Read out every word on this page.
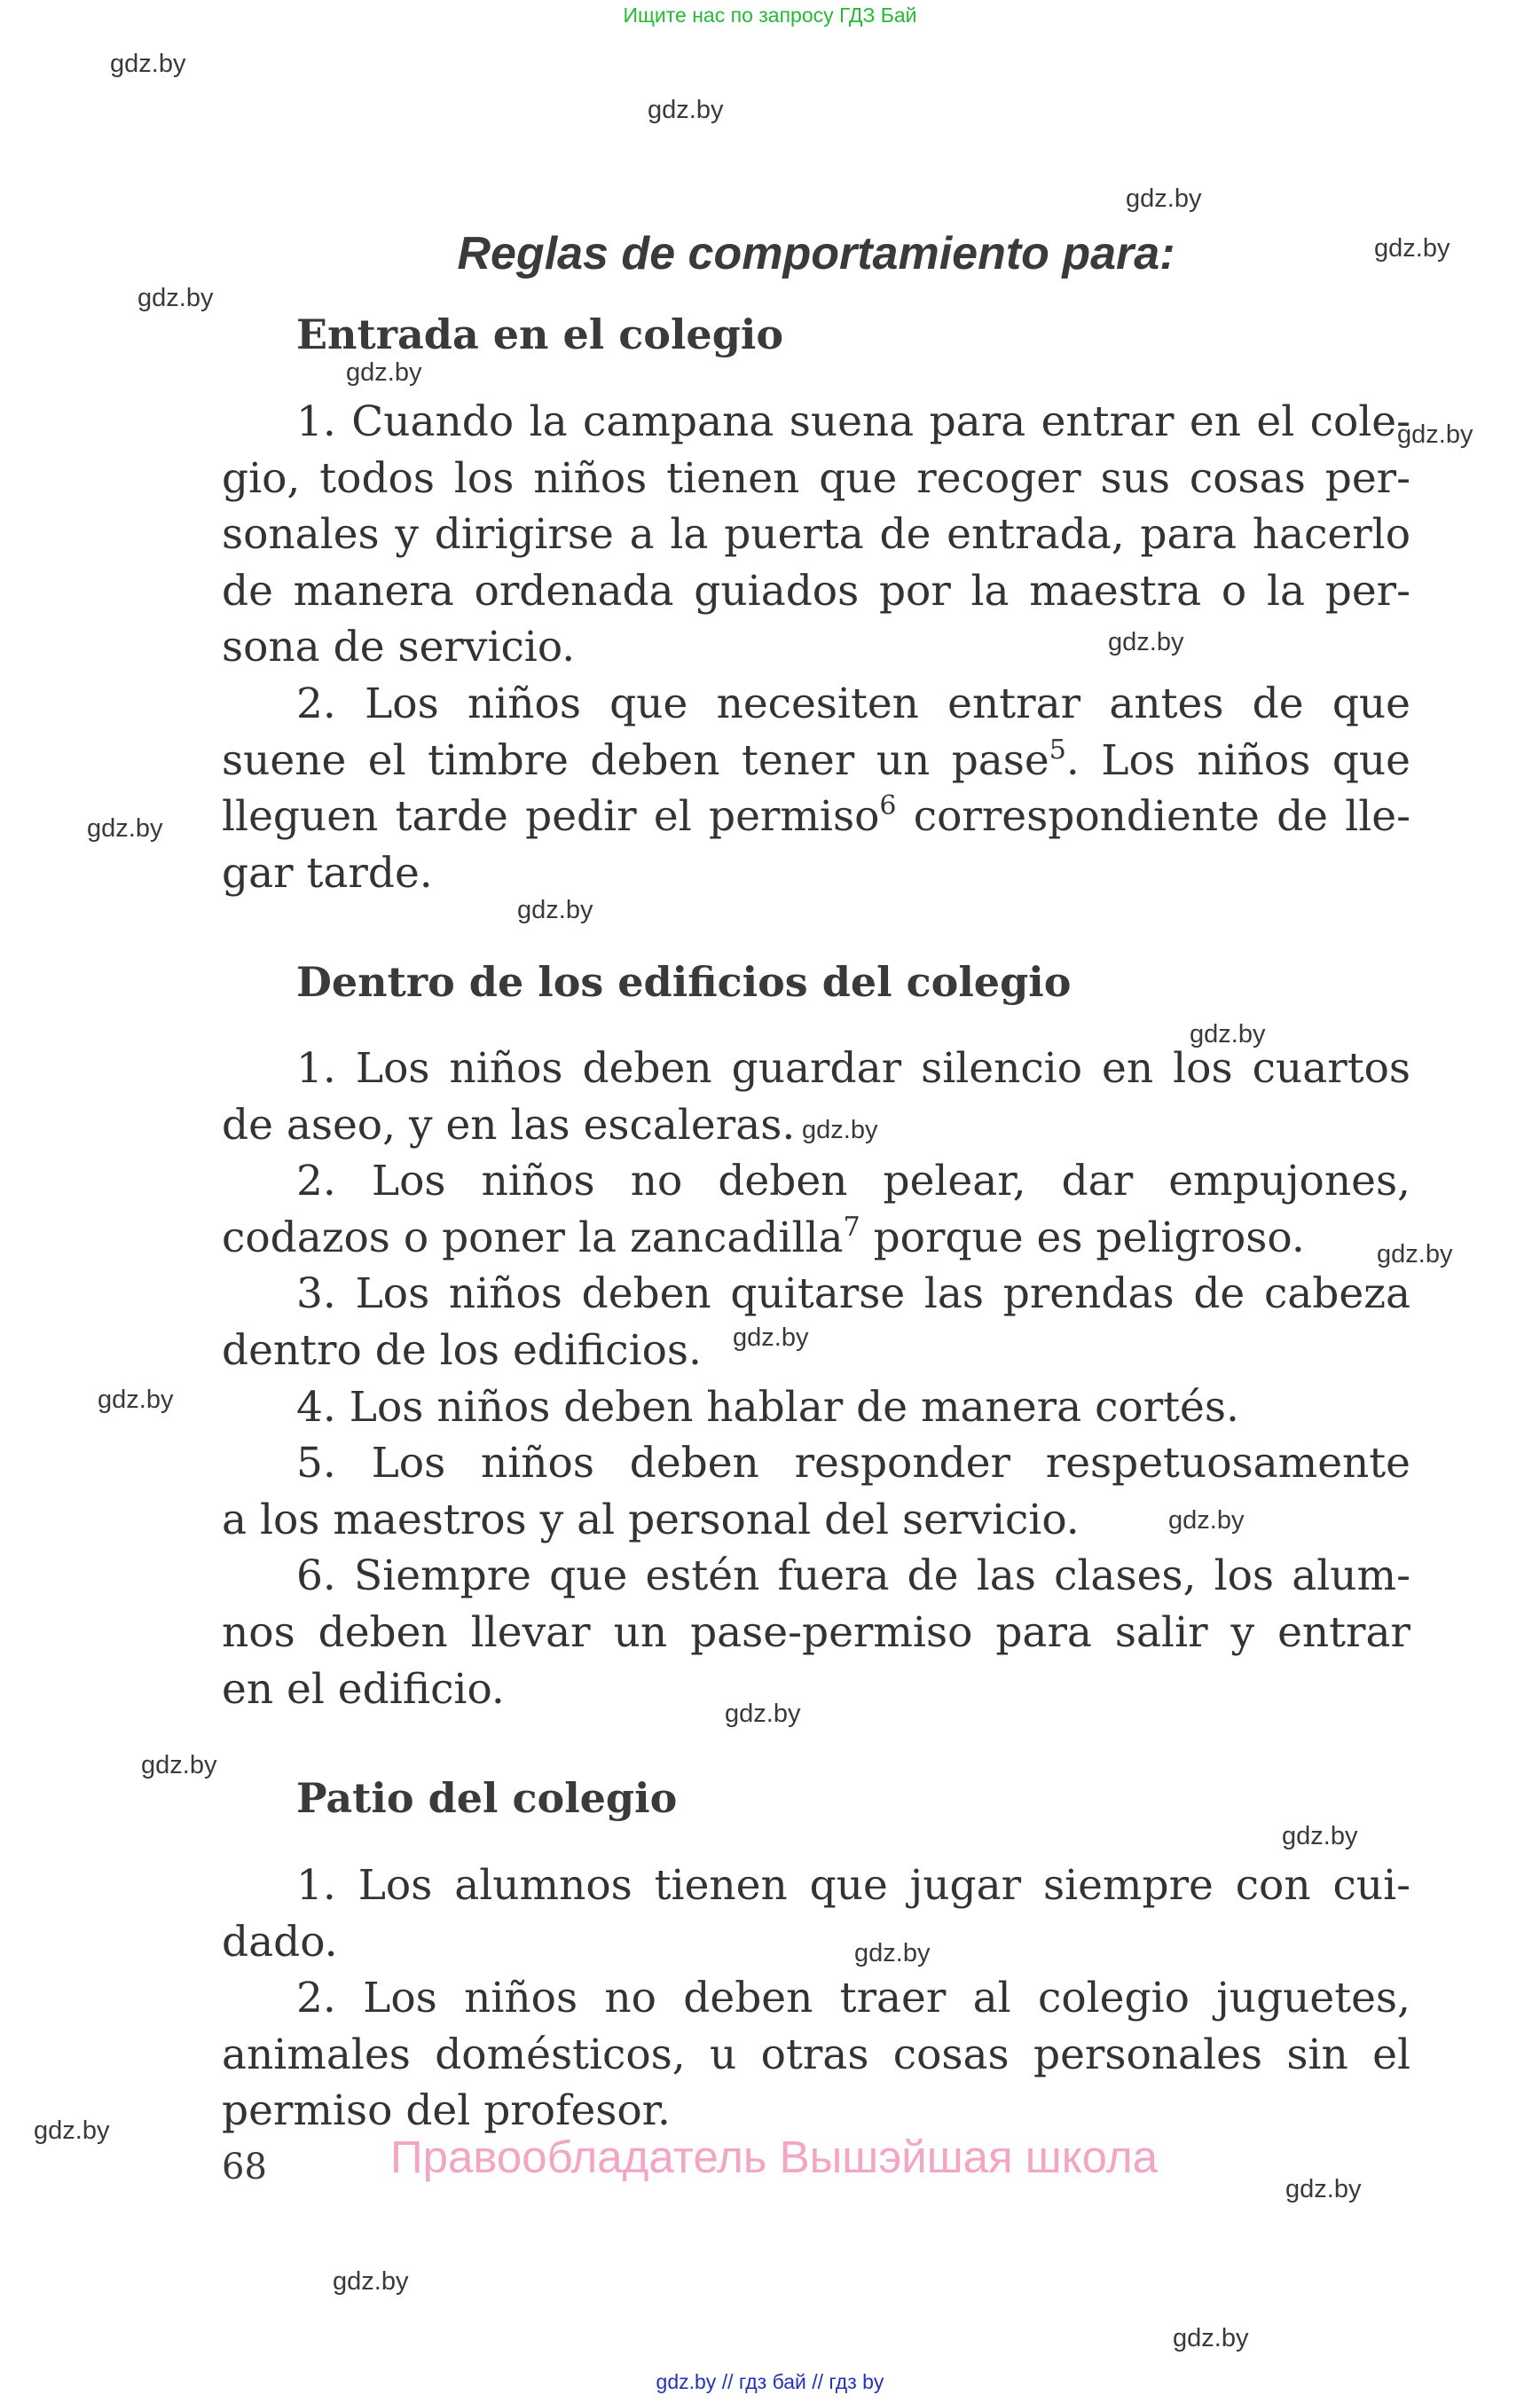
Ищите нас по запросу ГДЗ Бай
gdz.by
gdz.by
gdz.by
gdz.by
gdz.by
gdz.by
gdz.by
gdz.by
gdz.by
gdz.by
gdz.by
gdz.by
gdz.by
gdz.by
gdz.by
gdz.by
gdz.by
gdz.by
gdz.by
gdz.by
gdz.by
gdz.by
gdz.by
gdz.by
Reglas de comportamiento para:
Entrada en el colegio
1. Cuando la campana suena para entrar en el cole-
gio, todos los niños tienen que recoger sus cosas per-
sonales y dirigirse a la puerta de entrada, para hacerlo
de manera ordenada guiados por la maestra o la per-
sona de servicio.
2. Los niños que necesiten entrar antes de que
suene el timbre deben tener un pase$^5$. Los niños que
lleguen tarde pedir el permiso$^6$ correspondiente de lle-
gar tarde.
Dentro de los edificios del colegio
1. Los niños deben guardar silencio en los cuartos
de aseo, y en las escaleras.
2. Los niños no deben pelear, dar empujones,
codazos o poner la zancadilla$^7$ porque es peligroso.
3. Los niños deben quitarse las prendas de cabeza
dentro de los edificios.
4. Los niños deben hablar de manera cortés.
5. Los niños deben responder respetuosamente
a los maestros y al personal del servicio.
6. Siempre que estén fuera de las clases, los alum-
nos deben llevar un pase-permiso para salir y entrar
en el edificio.
Patio del colegio
1. Los alumnos tienen que jugar siempre con cui-
dado.
2. Los niños no deben traer al colegio juguetes,
animales domésticos, u otras cosas personales sin el
permiso del profesor.
68	Правообладатель Вышэйшая школа
gdz.by // гдз бай // гдз by
